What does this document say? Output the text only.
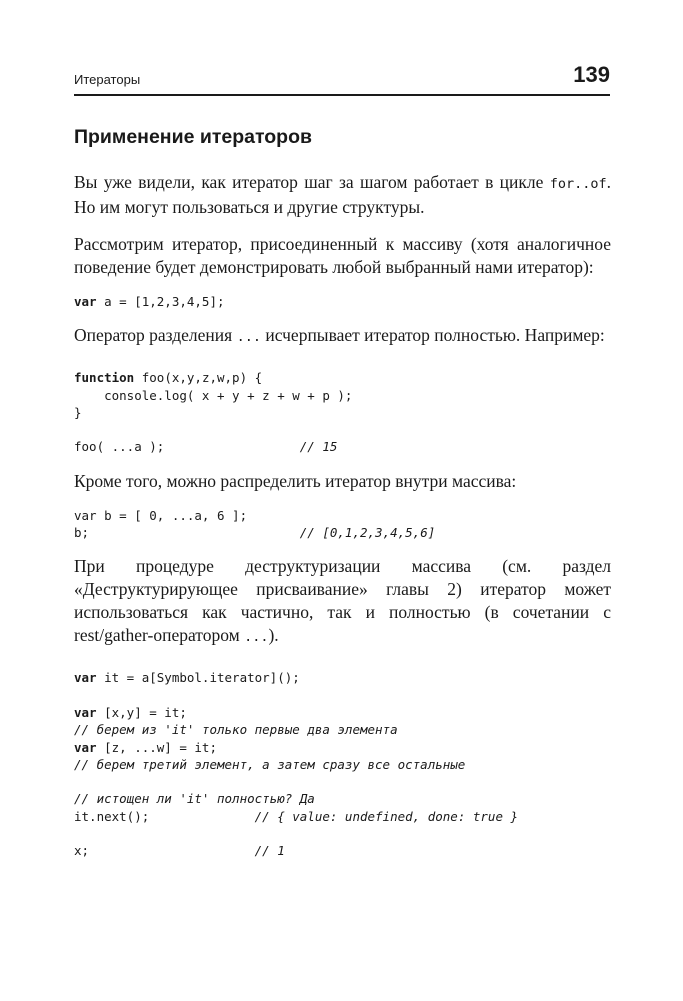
Итераторы	139
Применение итераторов

Вы уже видели, как итератор шаг за шагом работает в цикле for..of. Но им могут пользоваться и другие структуры.

Рассмотрим итератор, присоединенный к массиву (хотя аналогичное поведение будет демонстрировать любой выбранный нами итератор):

var a = [1,2,3,4,5];

Оператор разделения ... исчерпывает итератор полностью. Например:

function foo(x,y,z,w,p) {
console.log( x + y + z + w + p );
}

foo( ...a );                  // 15

Кроме того, можно распределить итератор внутри массива:

var b = [ 0, ...a, 6 ];
b;                            // [0,1,2,3,4,5,6]

При процедуре деструктуризации массива (см. раздел «Деструктурирующее присваивание» главы 2) итератор может использоваться как частично, так и полностью (в сочетании с rest/gather-оператором ...).

var it = a[Symbol.iterator]();

var [x,y] = it;
// берем из 'it' только первые два элемента
var [z, ...w] = it;
// берем третий элемент, а затем сразу все остальные

// истощен ли 'it' полностью? Да
it.next();              // { value: undefined, done: true }

x;                      // 1
